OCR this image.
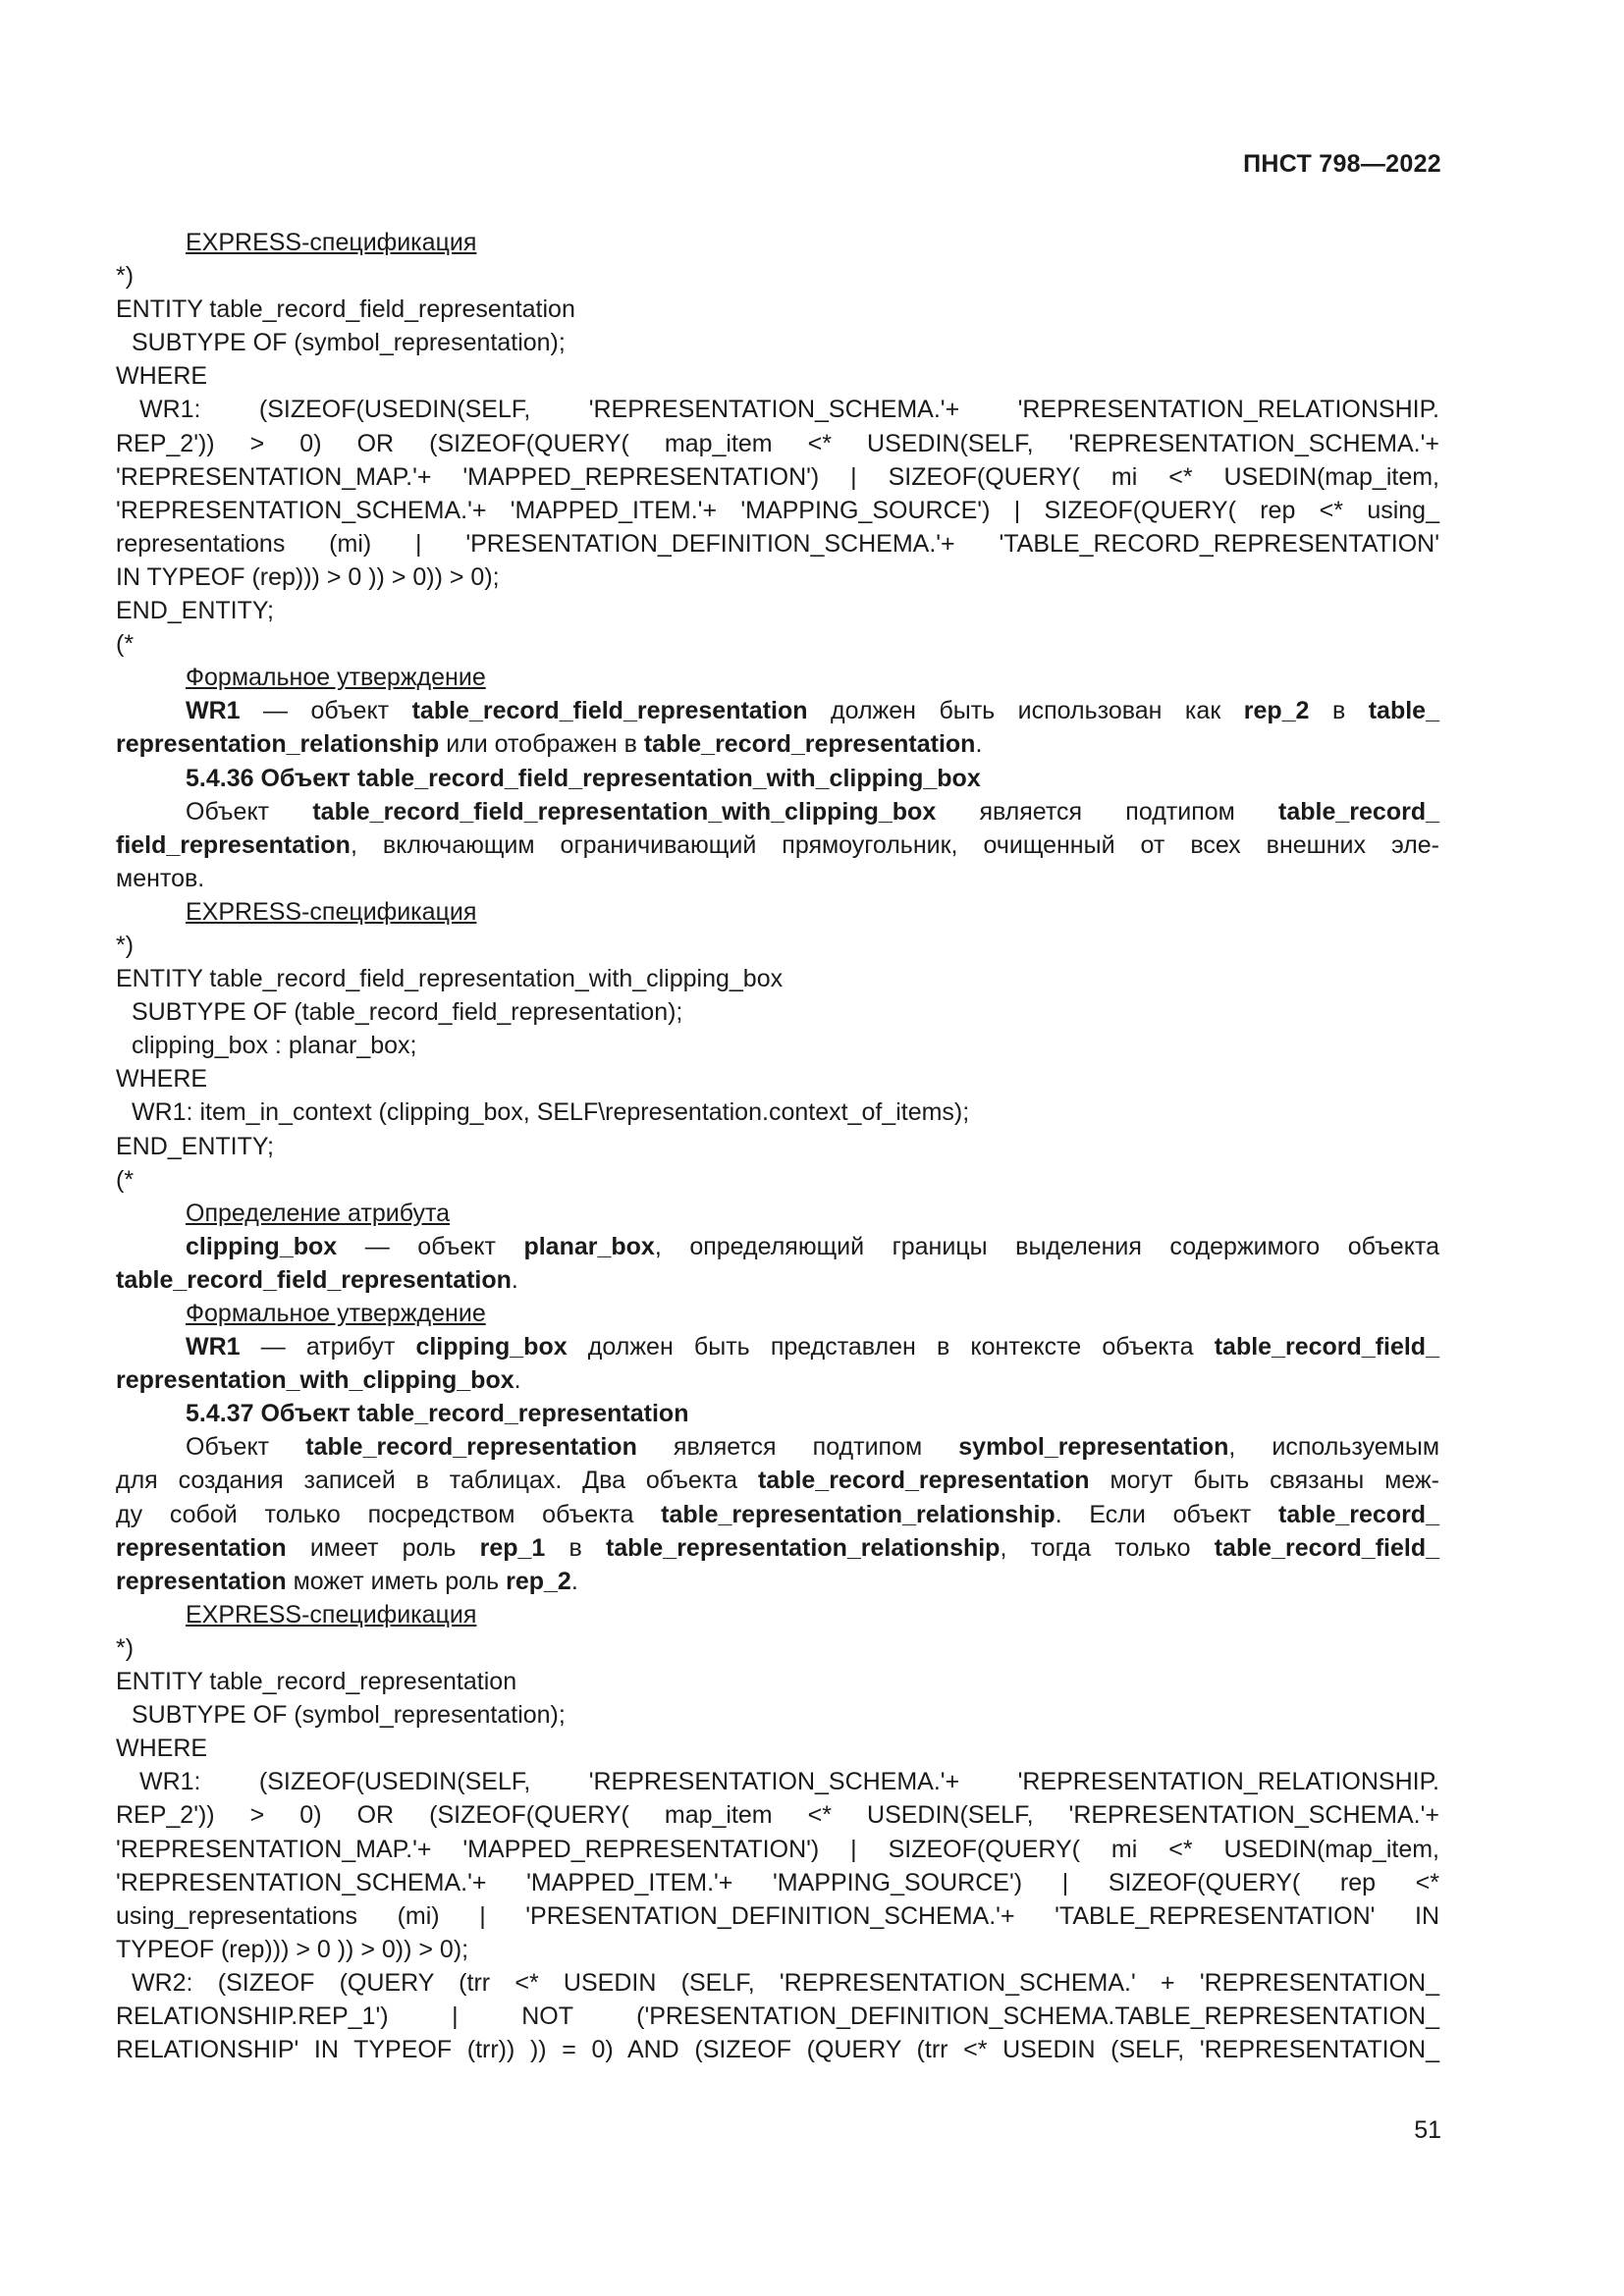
ПНСТ 798—2022
EXPRESS-спецификация
*)
ENTITY table_record_field_representation
SUBTYPE OF (symbol_representation);
WHERE
WR1: (SIZEOF(USEDIN(SELF, 'REPRESENTATION_SCHEMA.'+ 'REPRESENTATION_RELATIONSHIP.
REP_2')) > 0) OR (SIZEOF(QUERY( map_item <* USEDIN(SELF, 'REPRESENTATION_SCHEMA.'+
'REPRESENTATION_MAP.'+ 'MAPPED_REPRESENTATION') | SIZEOF(QUERY( mi <* USEDIN(map_item,
'REPRESENTATION_SCHEMA.'+ 'MAPPED_ITEM.'+ 'MAPPING_SOURCE') | SIZEOF(QUERY( rep <* using_
representations (mi) | 'PRESENTATION_DEFINITION_SCHEMA.'+ 'TABLE_RECORD_REPRESENTATION'
IN TYPEOF (rep))) > 0 )) > 0)) > 0);
END_ENTITY;
(*
Формальное утверждение
WR1 — объект table_record_field_representation должен быть использован как rep_2 в table_
representation_relationship или отображен в table_record_representation.
5.4.36 Объект table_record_field_representation_with_clipping_box
Объект table_record_field_representation_with_clipping_box является подтипом table_record_
field_representation, включающим ограничивающий прямоугольник, очищенный от всех внешних эле-
ментов.
EXPRESS-спецификация
*)
ENTITY table_record_field_representation_with_clipping_box
SUBTYPE OF (table_record_field_representation);
clipping_box : planar_box;
WHERE
WR1: item_in_context (clipping_box, SELF\representation.context_of_items);
END_ENTITY;
(*
Определение атрибута
clipping_box — объект planar_box, определяющий границы выделения содержимого объекта
table_record_field_representation.
Формальное утверждение
WR1 — атрибут clipping_box должен быть представлен в контексте объекта table_record_field_
representation_with_clipping_box.
5.4.37 Объект table_record_representation
Объект table_record_representation является подтипом symbol_representation, используемым
для создания записей в таблицах. Два объекта table_record_representation могут быть связаны меж-
ду собой только посредством объекта table_representation_relationship. Если объект table_record_
representation имеет роль rep_1 в table_representation_relationship, тогда только table_record_field_
representation может иметь роль rep_2.
EXPRESS-спецификация
*)
ENTITY table_record_representation
SUBTYPE OF (symbol_representation);
WHERE
WR1: (SIZEOF(USEDIN(SELF, 'REPRESENTATION_SCHEMA.'+ 'REPRESENTATION_RELATIONSHIP.
REP_2')) > 0) OR (SIZEOF(QUERY( map_item <* USEDIN(SELF, 'REPRESENTATION_SCHEMA.'+
'REPRESENTATION_MAP.'+ 'MAPPED_REPRESENTATION') | SIZEOF(QUERY( mi <* USEDIN(map_item,
'REPRESENTATION_SCHEMA.'+ 'MAPPED_ITEM.'+ 'MAPPING_SOURCE') | SIZEOF(QUERY( rep <*
using_representations (mi) | 'PRESENTATION_DEFINITION_SCHEMA.'+ 'TABLE_REPRESENTATION' IN
TYPEOF (rep))) > 0 )) > 0)) > 0);
WR2: (SIZEOF (QUERY (trr <* USEDIN (SELF, 'REPRESENTATION_SCHEMA.' + 'REPRESENTATION_
RELATIONSHIP.REP_1') | NOT ('PRESENTATION_DEFINITION_SCHEMA.TABLE_REPRESENTATION_
RELATIONSHIP' IN TYPEOF (trr)) )) = 0) AND (SIZEOF (QUERY (trr <* USEDIN (SELF, 'REPRESENTATION_
51
